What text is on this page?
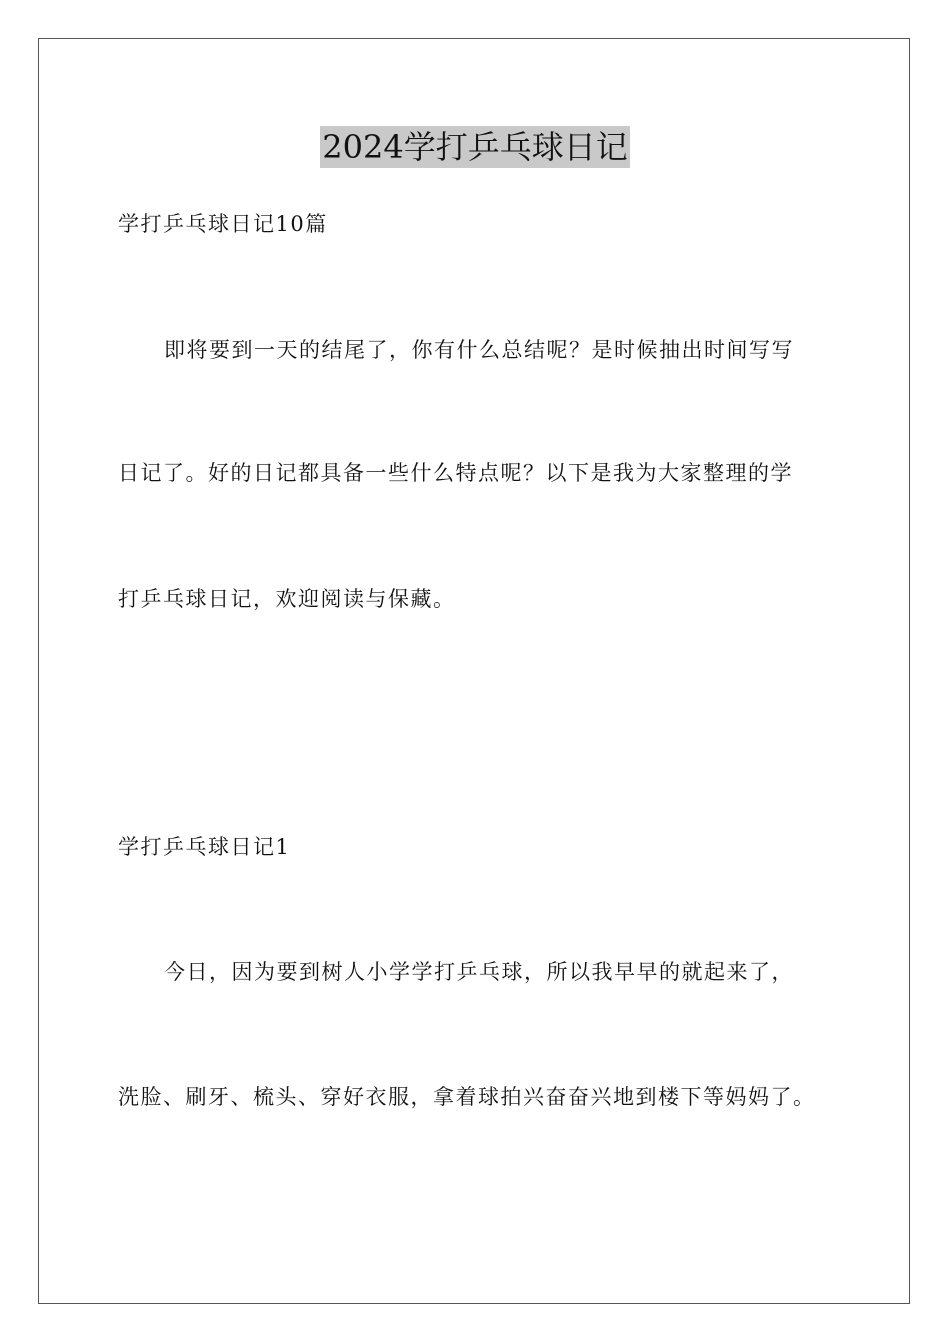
2024学打乒乓球日记
学打乒乓球日记10篇
即将要到一天的结尾了，你有什么总结呢？是时候抽出时间写写
日记了。好的日记都具备一些什么特点呢？以下是我为大家整理的学
打乒乓球日记，欢迎阅读与保藏。
学打乒乓球日记1
今日，因为要到树人小学学打乒乓球，所以我早早的就起来了，
洗脸、刷牙、梳头、穿好衣服，拿着球拍兴奋奋兴地到楼下等妈妈了。
